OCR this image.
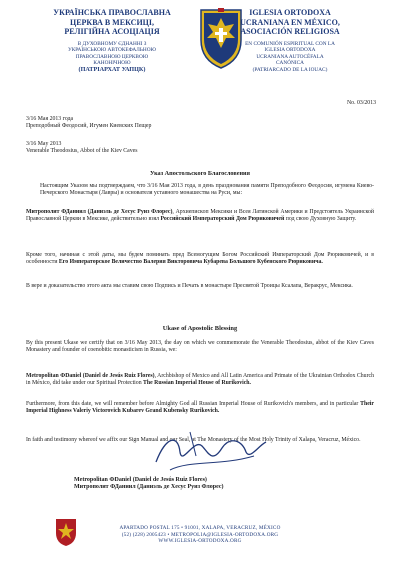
УКРАЇНСЬКА ПРАВОСЛАВНА
ЦЕРКВА В МЕКСИЦІ,
РЕЛІГІЙНА АСОЦІАЦІЯ
В ДУХОВНОМУ ЄДНАННІ З
УКРАЇНСЬКОЮ АВТОКЕФАЛЬНОЮ
ПРАВОСЛАВНОЮ ЦЕРКВОЮ
КАНОНІЧНОЮ
(ПАТРІАРХАТ УАПЦК)
IGLESIA ORTODOXA
UCRANIANA EN MÉXICO,
ASOCIACIÓN RELIGIOSA
EN COMUNIÓN ESPIRITUAL CON LA
IGLESIA ORTODOXA
UCRANIANA AUTOCÉFALA
CANÓNICA
(PATRIARCADO DE LA IOUAC)
No. 03/2013
3/16 Мая 2013 года
Преподобный Феодосий, Игумен Киевских Пещер
3/16 May 2013
Venerable Theodosius, Abbot of the Kiev Caves
Указ Апостольского Благословения
Настоящим Указом мы подтверждаем, что 3/16 Мая 2013 года, в день празднования памяти Преподобного Феодосия, игумена Киево-Печерского Монастыря (Лавры) и основателя уставного монашества на Руси, мы:
Митрополит ФДаниил (Даниэль де Хесус Руиз Флорес), Архиепископ Мексики и Всея Латинской Америки и Предстоятель Украинской Православной Церкви в Мексике, действительно взял Российский Императорский Дом Рюриковичей под свою Духовную Защиту.
Кроме того, начиная с этой даты, мы будем поминать пред Всемогущим Богом Российский Императорский Дом Рюриковичей, и в особенности Его Императорское Величество Валерия Викторовича Кубарева Большого Кубенского Рюриковича.
В вере и доказательство этого акта мы ставим свою Подпись и Печать в монастыре Пресвятой Троицы Ксалапа, Веракрус, Мексика.
Ukase of Apostolic Blessing
By this present Ukase we certify that on 3/16 May 2013, the day on which we commemorate the Venerable Theodosius, abbot of the Kiev Caves Monastery and founder of coenobitic monasticism in Russia, we:
Metropolitan ФDaniel (Daniel de Jesús Ruiz Flores), Archbishop of Mexico and All Latin America and Primate of the Ukrainian Orthodox Church in México, did take under our Spiritual Protection The Russian Imperial House of Rurikovich.
Furthermore, from this date, we will remember before Almighty God all Russian Imperial House of Rurikovich's members, and in particular Their Imperial Highness Valeriy Victorovich Kubarev Grand Kubensky Rurikovich.
In faith and testimony whereof we affix our Sign Manual and our Seal, at The Monastery of the Most Holy Trinity of Xalapa, Veracruz, México.
Metropolitan ФDaniel (Daniel de Jesús Ruiz Flores)
Митрополит ФДаниил (Даниэль де Хесус Руиз Флорес)
APARTADO POSTAL 175 • 91001, XALAPA, VERACRUZ, MÉXICO
(52) (228) 2005423 • METROPOLIA@IGLESIA-ORTODOXA.ORG
WWW.IGLESIA-ORTODOXA.ORG
